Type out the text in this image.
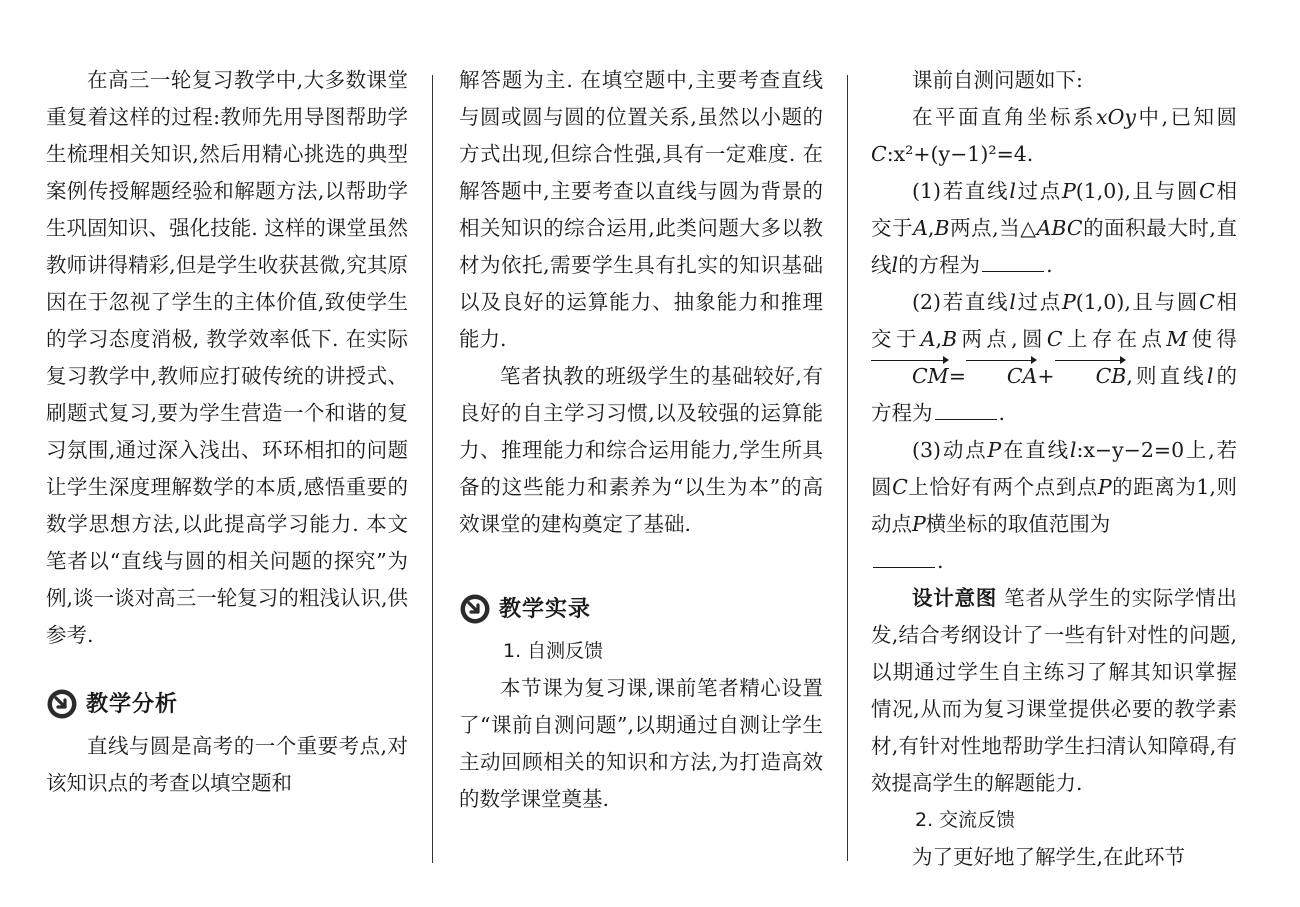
在高三一轮复习教学中,大多数课堂重复着这样的过程:教师先用导图帮助学生梳理相关知识,然后用精心挑选的典型案例传授解题经验和解题方法,以帮助学生巩固知识、强化技能. 这样的课堂虽然教师讲得精彩,但是学生收获甚微,究其原因在于忽视了学生的主体价值,致使学生的学习态度消极, 教学效率低下. 在实际复习教学中,教师应打破传统的讲授式、刷题式复习,要为学生营造一个和谐的复习氛围,通过深入浅出、环环相扣的问题让学生深度理解数学的本质,感悟重要的数学思想方法,以此提高学习能力. 本文笔者以“直线与圆的相关问题的探究”为例,谈一谈对高三一轮复习的粗浅认识,供参考.

教学分析

直线与圆是高考的一个重要考点,对该知识点的考查以填空题和

解答题为主. 在填空题中,主要考查直线与圆或圆与圆的位置关系,虽然以小题的方式出现,但综合性强,具有一定难度. 在解答题中,主要考查以直线与圆为背景的相关知识的综合运用,此类问题大多以教材为依托,需要学生具有扎实的知识基础以及良好的运算能力、抽象能力和推理能力.

笔者执教的班级学生的基础较好,有良好的自主学习习惯,以及较强的运算能力、推理能力和综合运用能力,学生所具备的这些能力和素养为“以生为本”的高效课堂的建构奠定了基础.

教学实录
1. 自测反馈

本节课为复习课,课前笔者精心设置了“课前自测问题”,以期通过自测让学生主动回顾相关的知识和方法,为打造高效的数学课堂奠基.

课前自测问题如下:

在平面直角坐标系xOy中,已知圆C:x²+(y−1)²=4.

(1)若直线l过点P(1,0),且与圆C相交于A,B两点,当△ABC的面积最大时,直线l的方程为	.

(2)若直线l过点P(1,0),且与圆C相交于A,B两点,圆C上存在点M使得CM= CA+ CB,则直线l的方程为	.

(3)动点P在直线l:x−y−2=0上,若圆C上恰好有两个点到点P的距离为1,则动点P横坐标的取值范围为
.

设计意图 笔者从学生的实际学情出发,结合考纲设计了一些有针对性的问题,以期通过学生自主练习了解其知识掌握情况,从而为复习课堂提供必要的教学素材,有针对性地帮助学生扫清认知障碍,有效提高学生的解题能力.

2. 交流反馈

为了更好地了解学生,在此环节
